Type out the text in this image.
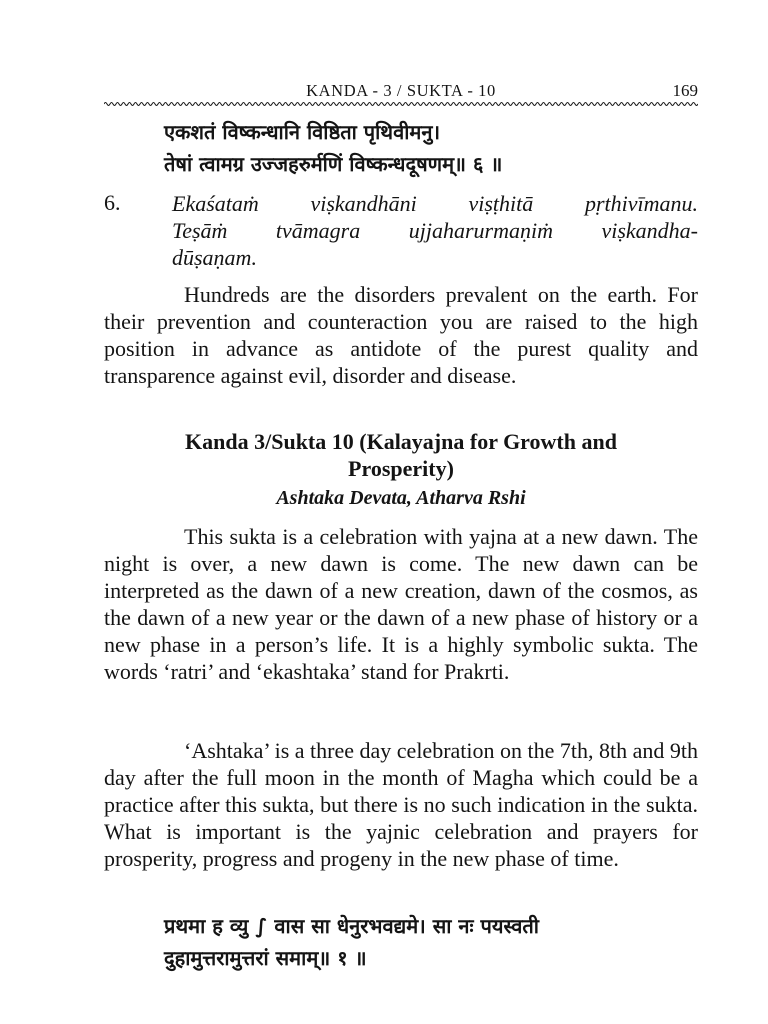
KANDA - 3 / SUKTA - 10	169
एकशतं विष्कन्धानि विष्ठिता पृथिवीमनु।
तेषां त्वामग्र उज्जहरुर्मणिं विष्कन्धदूषणम्॥ ६ ॥
6. Ekaśataṁ viṣkandhāni viṣṭhitā pṛthivīmanu.
Teṣāṁ tvāmagra ujjaharurmaṇiṁ viṣkandha-
dūṣaṇam.
Hundreds are the disorders prevalent on the earth. For their prevention and counteraction you are raised to the high position in advance as antidote of the purest quality and transparence against evil, disorder and disease.
Kanda 3/Sukta 10 (Kalayajna for Growth and
Prosperity)
Ashtaka Devata, Atharva Rshi
This sukta is a celebration with yajna at a new dawn. The night is over, a new dawn is come. The new dawn can be interpreted as the dawn of a new creation, dawn of the cosmos, as the dawn of a new year or the dawn of a new phase of history or a new phase in a person’s life. It is a highly symbolic sukta. The words ‘ratri’ and ‘ekashtaka’ stand for Prakrti.
‘Ashtaka’ is a three day celebration on the 7th, 8th and 9th day after the full moon in the month of Magha which could be a practice after this sukta, but there is no such indication in the sukta. What is important is the yajnic celebration and prayers for prosperity, progress and progeny in the new phase of time.
प्रथमा ह व्यु ∫ वास सा धेनुरभवद्यमे। सा नः पयस्वती
दुहामुत्तरामुत्तरां समाम्॥ १ ॥
